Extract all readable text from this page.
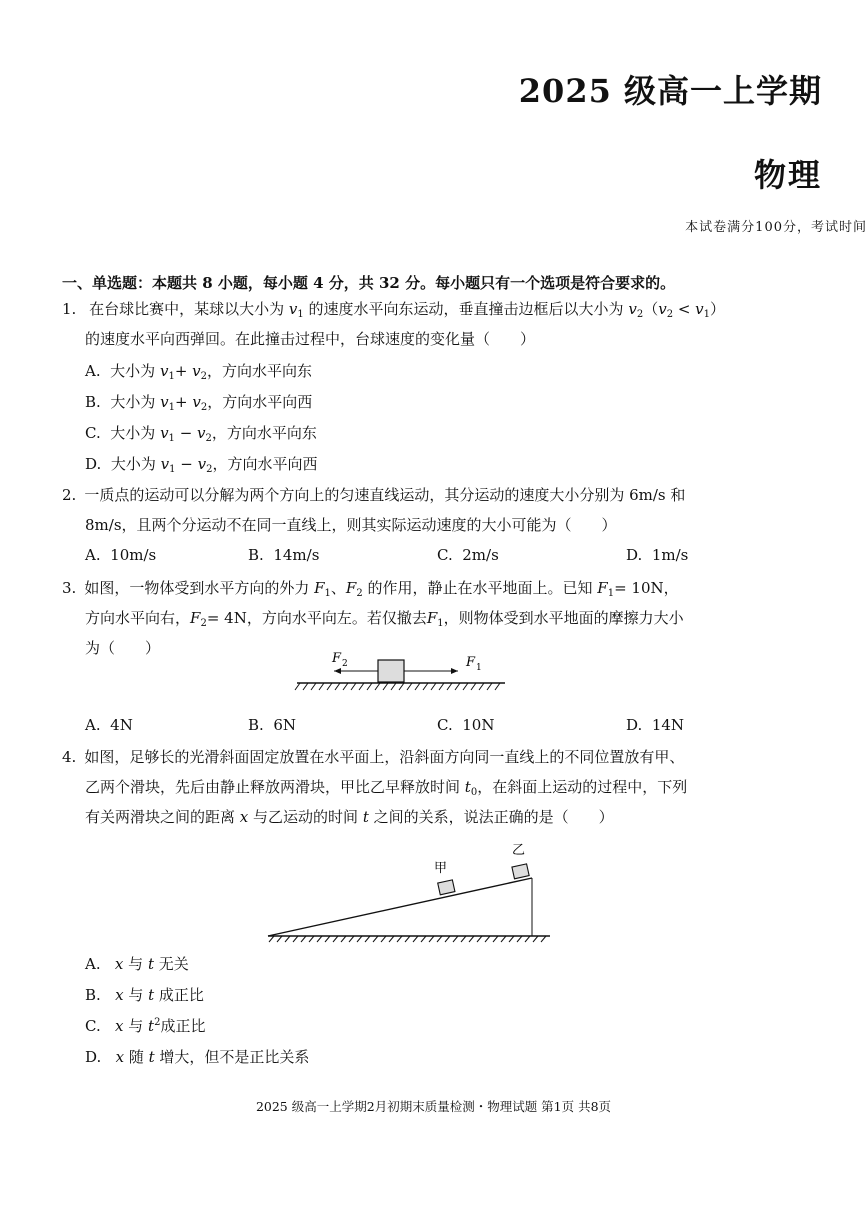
2025 级高一上学期
物理
本试卷满分100分，考试时间
一、单选题：本题共 8 小题，每小题 4 分，共 32 分。每小题只有一个选项是符合要求的。
1. 在台球比赛中，某球以大小为 $v_1$ 的速度水平向东运动，垂直撞击边框后以大小为 $v_2(v_2 < v_1)$
的速度水平向西弹回。在此撞击过程中，台球速度的变化量（　　）
A. 大小为 $v_1+ v_2$，方向水平向东
B. 大小为 $v_1+ v_2$，方向水平向西
C. 大小为 $v_1 - v_2$，方向水平向东
D. 大小为 $v_1 - v_2$，方向水平向西
2. 一质点的运动可以分解为两个方向上的匀速直线运动，其分运动的速度大小分别为 6m/s 和
8m/s，且两个分运动不在同一直线上，则其实际运动速度的大小可能为（　　）
A. 10m/s	B. 14m/s	C. 2m/s	D. 1m/s
3. 如图，一物体受到水平方向的外力 $F_1$、$F_2$ 的作用，静止在水平地面上。已知 $F_1= 10N$，
方向水平向右，$F_2= 4N$，方向水平向左。若仅撤去$F_1$，则物体受到水平地面的摩擦力大小
为（　　）
F 1
F 2
A. 4N	B. 6N	C. 10N	D. 14N
4. 如图，足够长的光滑斜面固定放置在水平面上，沿斜面方向同一直线上的不同位置放有甲、
乙两个滑块，先后由静止释放两滑块，甲比乙早释放时间 $t_0$，在斜面上运动的过程中，下列
有关两滑块之间的距离 x 与乙运动的时间 t 之间的关系，说法正确的是（　　）
甲
乙
A. x 与 t 无关
B. x 与 t 成正比
C. x 与 $t^2$成正比
D. x 随 t 增大，但不是正比关系
2025 级高一上学期2月初期末质量检测・物理试题 第1页 共8页
